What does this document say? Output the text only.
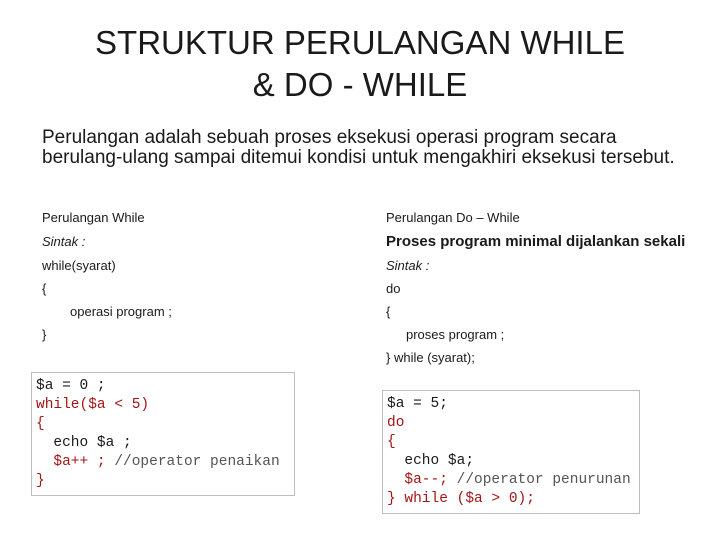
STRUKTUR PERULANGAN WHILE
& DO - WHILE
Perulangan adalah sebuah proses eksekusi operasi program secara berulang-ulang sampai ditemui kondisi untuk mengakhiri eksekusi tersebut.
Perulangan While
Sintak :
while(syarat)
{
operasi program ;
}
Perulangan Do – While
Proses program minimal dijalankan sekali
Sintak :
do
{
proses program ;
} while (syarat);
$a = 0 ;
while($a < 5)
{
echo $a ;
$a++ ; //operator penaikan
}
$a = 5;
do
{
echo $a;
$a--; //operator penurunan
} while ($a > 0);
